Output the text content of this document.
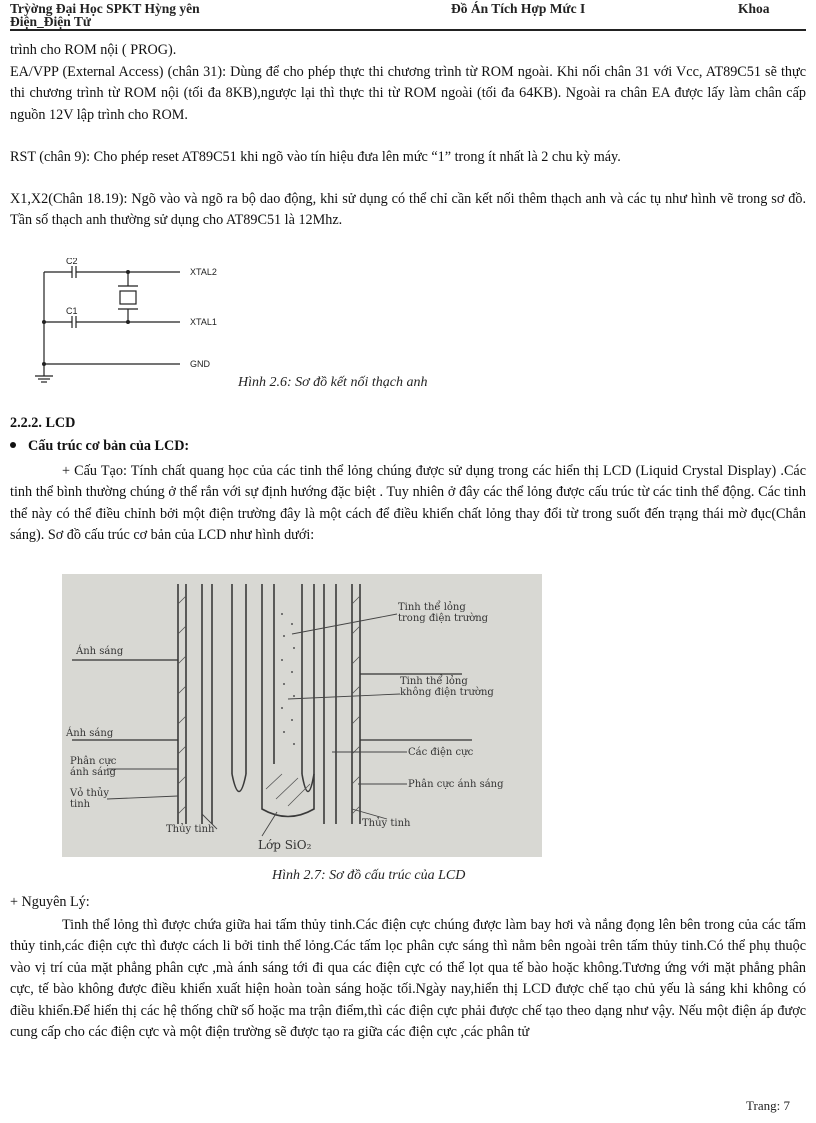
Trỳờng Đại Học SPKT Hỳng yên
Điện_Điện Tử
Đồ Án Tích Hợp Mức I	Khoa

trình cho ROM nội ( PROG).

EA/VPP (External Access) (chân 31): Dùng để cho phép thực thi chương trình từ ROM ngoài. Khi nối chân 31 với Vcc, AT89C51 sẽ thực thi chương trình từ ROM nội (tối đa 8KB),ngược lại thì thực thi từ ROM ngoài (tối đa 64KB). Ngoài ra chân EA được lấy làm chân cấp nguồn 12V lập trình cho ROM.

RST (chân 9): Cho phép reset AT89C51 khi ngõ vào tín hiệu đưa lên mức “1” trong ít nhất là 2 chu kỳ máy.

X1,X2(Chân 18.19): Ngõ vào và ngõ ra bộ dao động, khi sử dụng có thể chỉ cần kết nối thêm thạch anh và các tụ như hình vẽ trong sơ đồ. Tần số thạch anh thường sử dụng cho AT89C51 là 12Mhz.

C2
C1
XTAL2
XTAL1
GND
Hình 2.6: Sơ đồ kết nối thạch anh
2.2.2. LCD
Cấu trúc cơ bản của LCD:

+ Cấu Tạo: Tính chất quang học của các tinh thể lỏng chúng được sử dụng trong các hiển thị LCD (Liquid Crystal Display) .Các tinh thể bình thường chúng ở thể rắn với sự định hướng đặc biệt . Tuy nhiên ở đây các thể lỏng được cấu trúc từ các tinh thể động. Các tinh thể này có thể điều chỉnh bởi một điện trường đây là một cách để điều khiển chất lỏng thay đổi từ trong suốt đến trạng thái mờ đục(Chắn sáng). Sơ đồ cấu trúc cơ bản của LCD như hình dưới:

Tinh thể lỏng trong điện trường
Ánh sáng
Tinh thể lỏng không điện trường
Ánh sáng
Các điện cực
Phân cực ánh sáng
Phân cực ánh sáng
Vỏ thủy tinh
Thủy tinh
Thủy tinh
Lớp SiO₂
Hình 2.7: Sơ đồ cấu trúc của LCD

+ Nguyên Lý:

Tinh thể lỏng thì được chứa giữa hai tấm thủy tinh.Các điện cực chúng được làm bay hơi và nắng đọng lên bên trong của các tấm thủy tinh,các điện cực thì được cách li bởi tinh thể lỏng.Các tấm lọc phân cực sáng thì nằm bên ngoài trên tấm thủy tinh.Có thể phụ thuộc vào vị trí của mặt phẳng phân cực ,mà ánh sáng tới đi qua các điện cực có thể lọt qua tế bào hoặc không.Tương ứng với mặt phẳng phân cực, tế bào không được điều khiển xuất hiện hoàn toàn sáng hoặc tối.Ngày nay,hiển thị LCD được chế tạo chủ yếu là sáng khi không có điều khiển.Để hiển thị các hệ thống chữ số hoặc ma trận điểm,thì các điện cực phải được chế tạo theo dạng như vậy. Nếu một điện áp được cung cấp cho các điện cực và một điện trường sẽ được tạo ra giữa các điện cực ,các phân tử

Trang: 7
